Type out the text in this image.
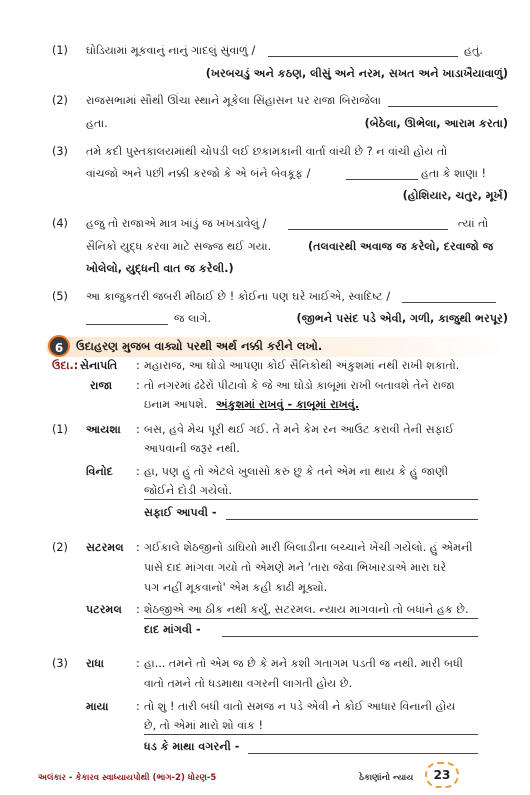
(1) ઘોડિયામાં મૂકવાનું નાનું ગાદલું સુંવાળું /	હતું.
(ખરબચડું અને કઠણ, લીસું અને નરમ, સખત અને ખાડાખૈયાવાળું)
(2) રાજસભામાં સૌથી ઊંચા સ્થાને મૂકેલા સિંહાસન પર રાજા બિરાજેલા
હતા.	(બેઠેલા, ઊભેલા, આરામ કરતા)
(3) તમે કદી પુસ્તકાલયમાંથી ચોપડી લઈ છકામકાની વાર્તા વાંચી છે ? ન વાંચી હોય તો
વાંચજો અને પછી નક્કી કરજો કે એ બંને બેવકૂફ /	હતા કે શાણા !
(હોશિયાર, ચતુર, મૂર્ખ)
(4) હજુ તો રાજાએ માત્ર ખાંડું જ ખખડાવેલું /	ત્યાં તો
સૈનિકો યુદ્ધ કરવા માટે સજ્જ થઈ ગયા.	(તલવારથી અવાજ જ કરેલો, દરવાજો જ
ખોલેલો, યુદ્ધની વાત જ કરેલી.)
(5) આ કાજુકતરી જબરી મીઠાઈ છે ! કોઈના પણ ઘરે ખાઈએ, સ્વાદિષ્ટ /
જ લાગે.	(જીભને પસંદ પડે એવી, ગળી, કાજુથી ભરપૂર)
6	ઉદાહરણ મુજબ વાક્યો પરથી અર્થ નક્કી કરીને લખો.
ઉદા.: સેનાપતિ : મહારાજ, આ ઘોડો આપણા કોઈ સૈનિકોથી અંકુશમાં નથી રાખી શકાતો.
રાજા : તો નગરમાં ઢંઢેરો પીટાવો કે જે આ ઘોડો કાબૂમાં રાખી બતાવશે તેને રાજા
ઇનામ આપશે. અંકુશમાં રાખવું - કાબૂમાં રાખવું.
(1) આયશા : બસ, હવે મેચ પૂરી થઈ ગઈ. તેં મને કેમ રન આઉટ કરાવી તેની સફાઈ
આપવાની જરૂર નથી.
વિનોદ : હા, પણ હું તો એટલે ખુલાસો કરું છું કે તને એમ ના થાય કે હું જાણી
જોઈને દોડી ગયેલો.
સફાઈ આપવી -
(2) સટરમલ : ગઈકાલે શેઠજીનો ડાઘિયો મારી બિલાડીના બચ્ચાને ખેંચી ગયેલો. હું એમની
પાસે દાદ માંગવા ગયો તો એમણે મને 'તારા જેવા ભિખારડાએ મારા ઘરે
પગ નહીં મૂકવાનો' એમ કહી કાઢી મૂક્યો.
પટરમલ : શેઠજીએ આ ઠીક નથી કર્યું, સટરમલ. ન્યાય માંગવાનો તો બધાંને હક છે.
દાદ માંગવી -
(3) રાધા	: હા... તમને તો એમ જ છે કે મને કશી ગતાગમ પડતી જ નથી. મારી બધી
વાતો તમને તો ધડમાથા વગરની લાગતી હોય છે.
માયા : તો શું ! તારી બધી વાતો સમજ ન પડે એવી ને કોઈ આધાર વિનાની હોય
છે, તો એમાં મારો શો વાંક !
ધડ કે માથા વગરની -
અલંકાર - કેકારવ સ્વાધ્યાયપોથી (ભાગ-2) ધોરણ-5	ઠેકાણાંનો ન્યાય	23
